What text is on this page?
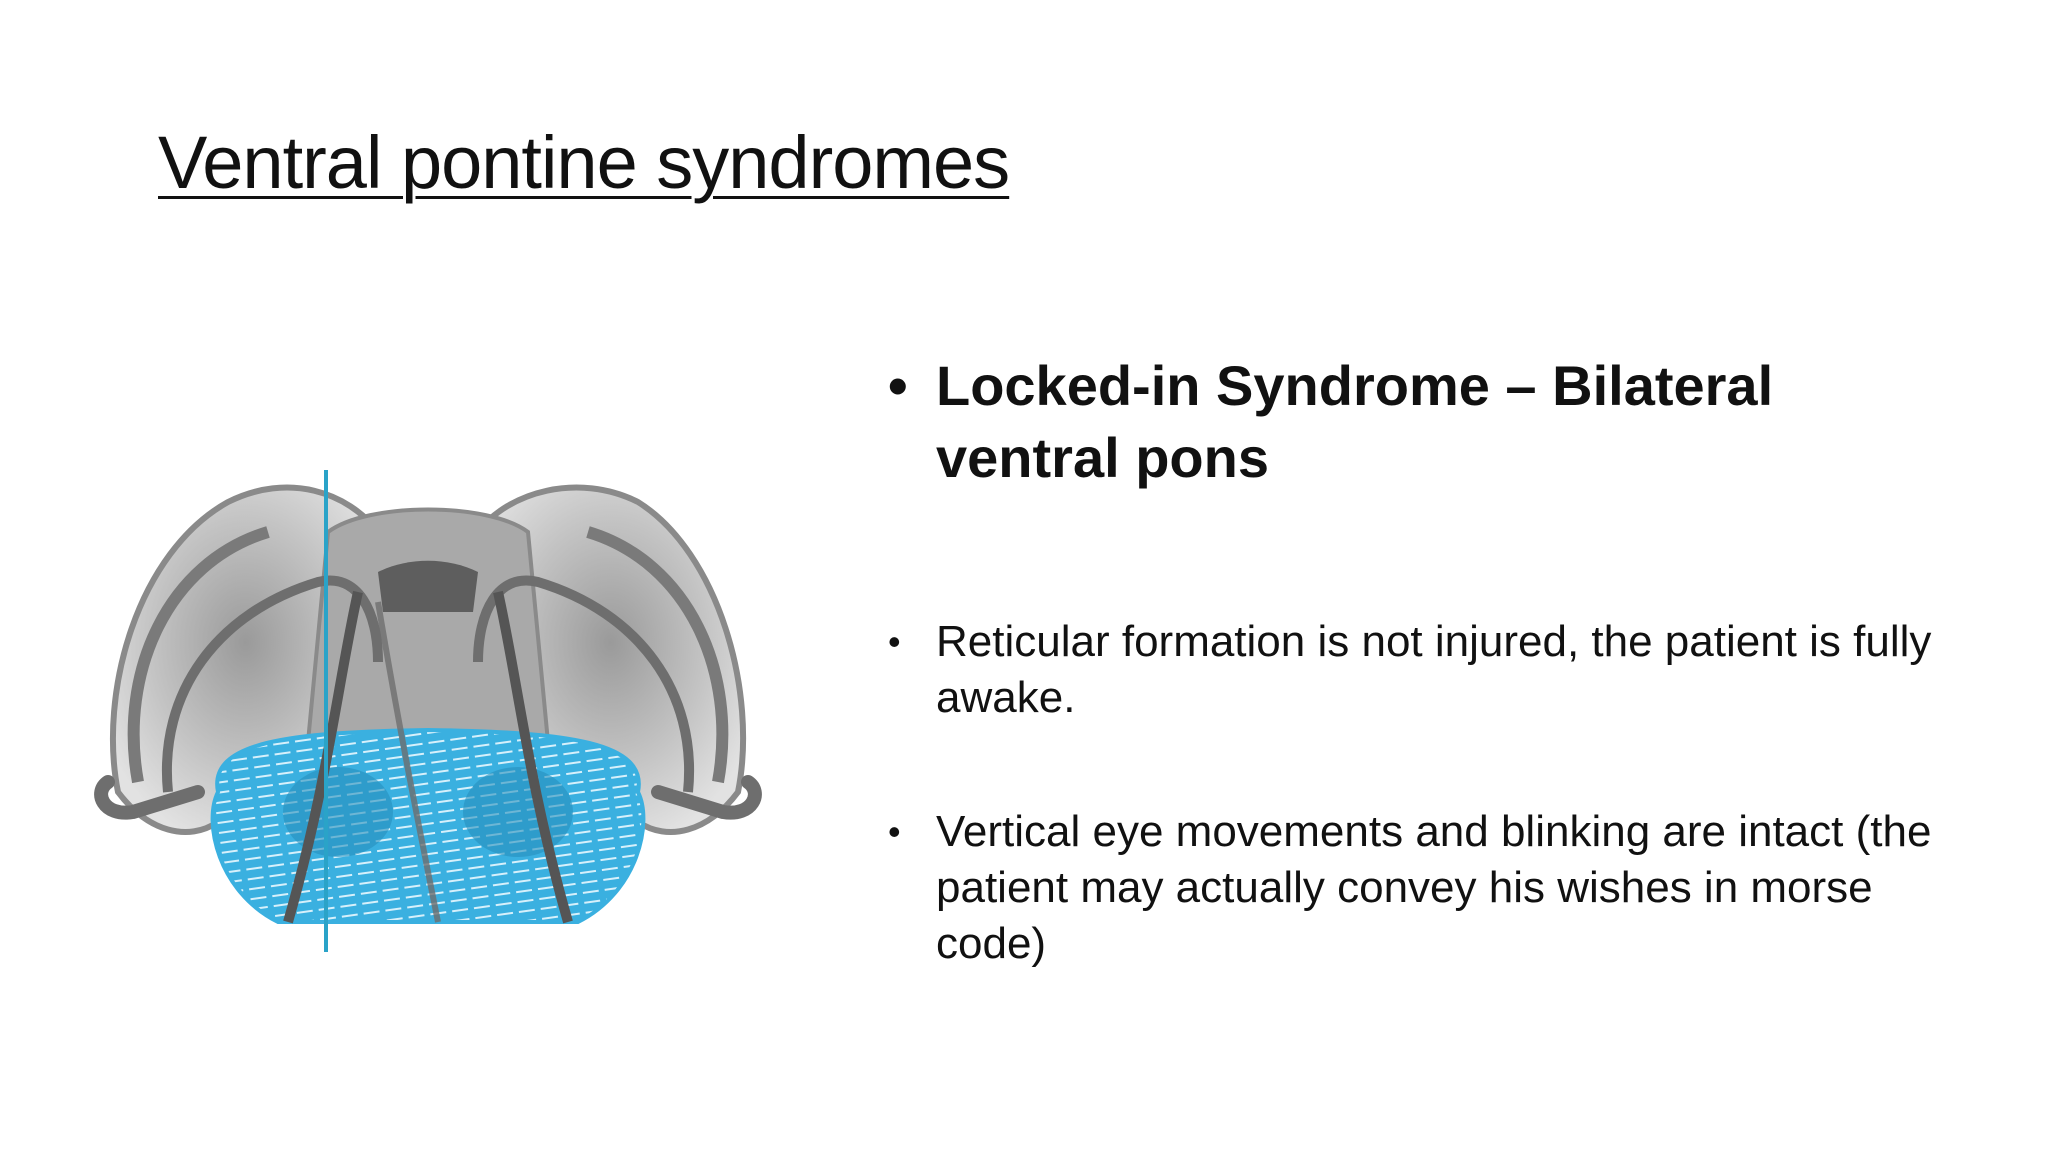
Ventral pontine syndromes
• Locked-in Syndrome – Bilateral ventral pons
• Reticular formation is not injured, the patient is fully awake.
• Vertical eye movements and blinking are intact (the patient may actually convey his wishes in morse code)
